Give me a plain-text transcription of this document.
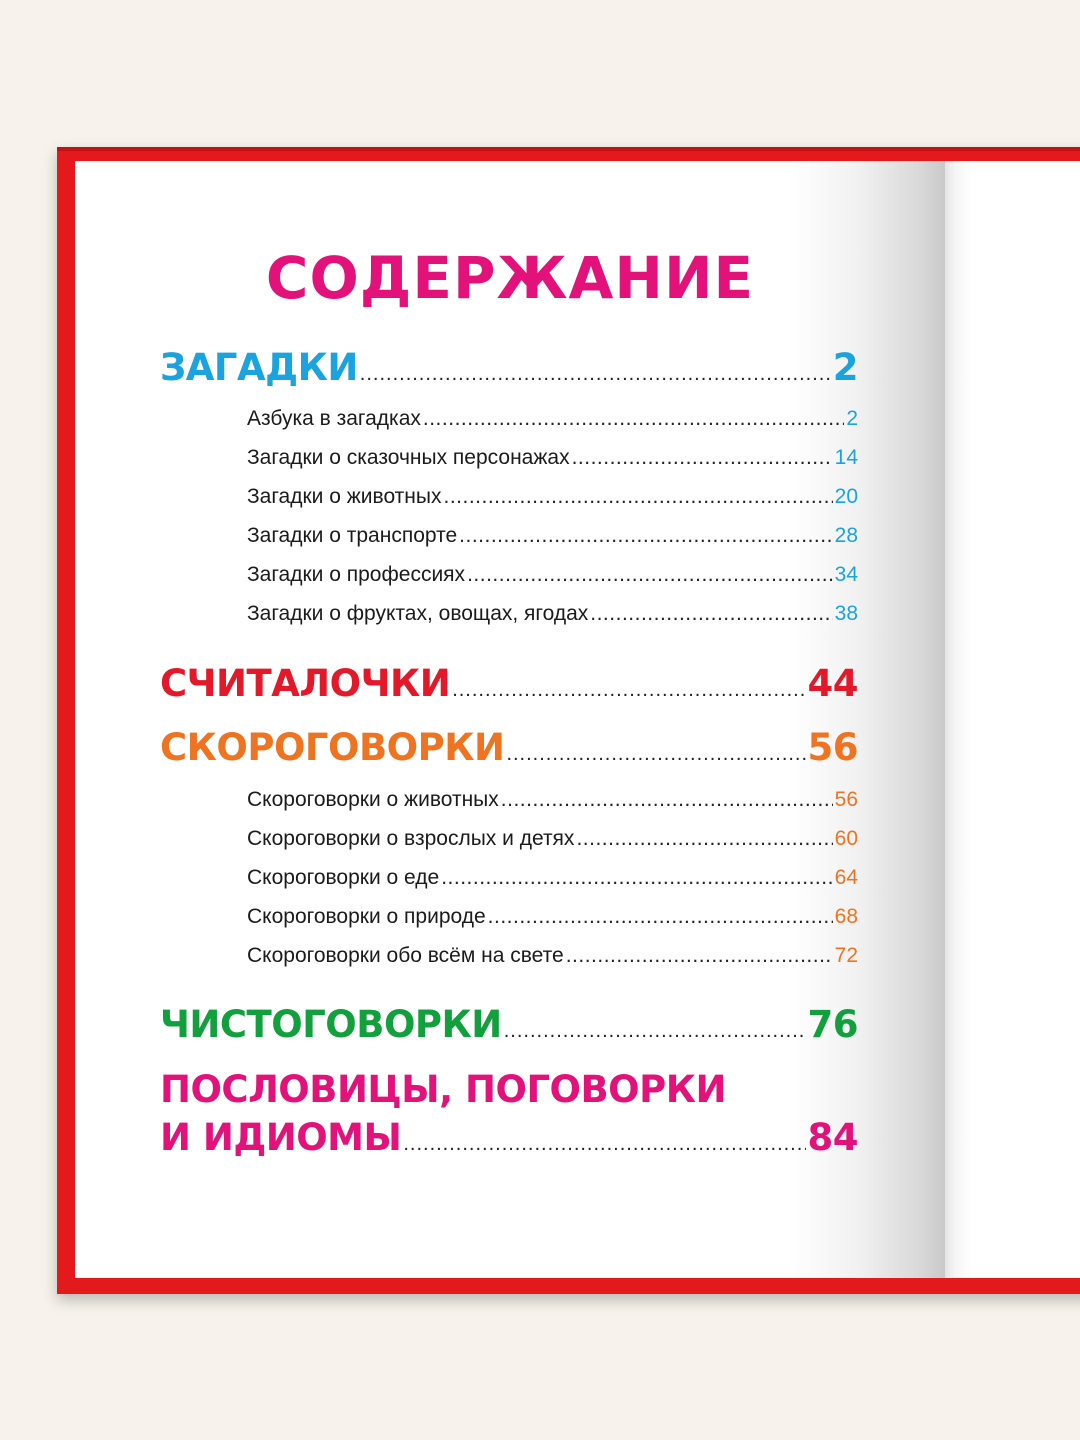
СОДЕРЖАНИЕ
ЗАГАДКИ .....	2
Азбука в загадках .....	2
Загадки о сказочных персонажах .....	14
Загадки о животных .....	20
Загадки о транспорте .....	28
Загадки о профессиях .....	34
Загадки о фруктах, овощах, ягодах .....	38
СЧИТАЛОЧКИ .....	44
СКОРОГОВОРКИ .....	56
Скороговорки о животных .....	56
Скороговорки о взрослых и детях .....	60
Скороговорки о еде .....	64
Скороговорки о природе .....	68
Скороговорки обо всём на свете .....	72
ЧИСТОГОВОРКИ .....	76
ПОСЛОВИЦЫ, ПОГОВОРКИ
И ИДИОМЫ .....	84
